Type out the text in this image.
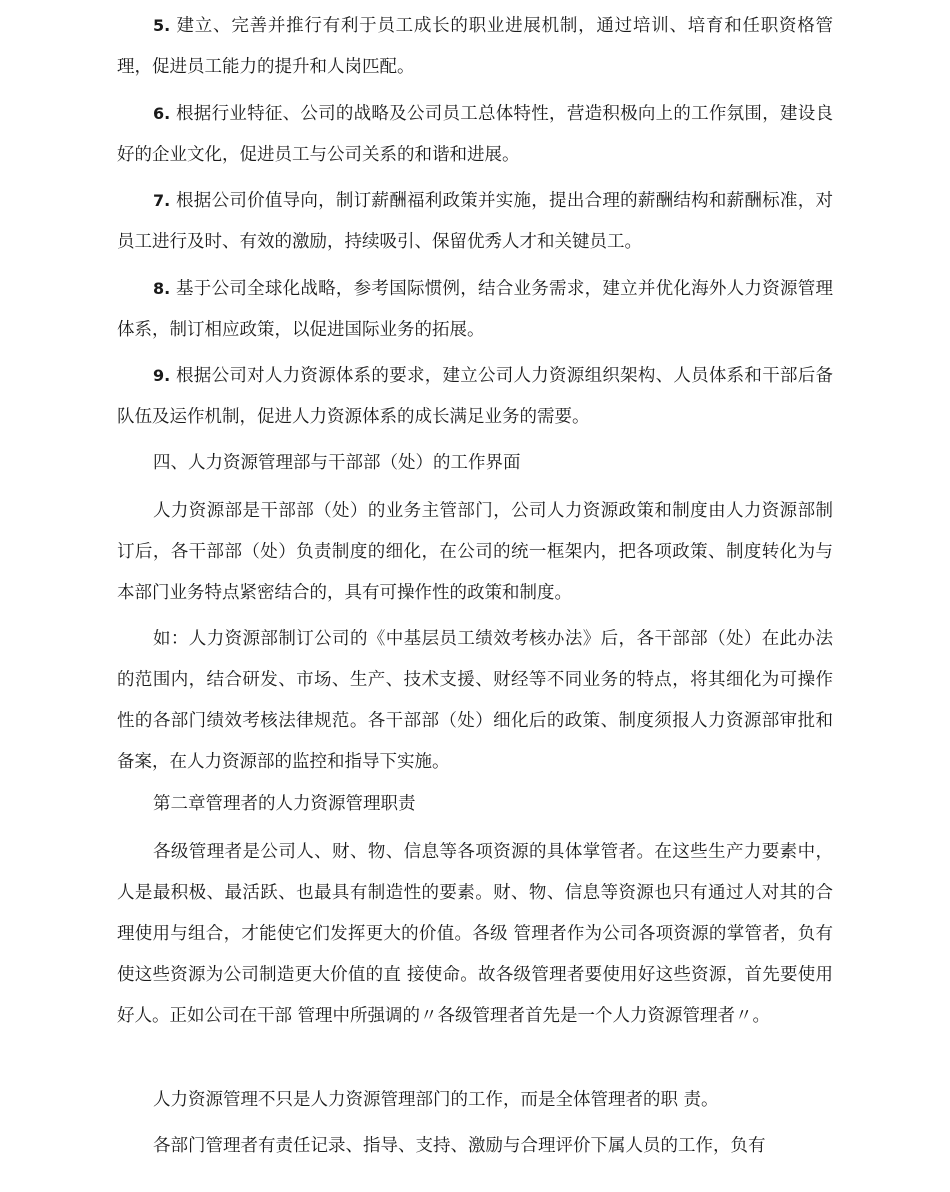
5. 建立、完善并推行有利于员工成长的职业进展机制，通过培训、培育和任职资格管理，促进员工能力的提升和人岗匹配。

6. 根据行业特征、公司的战略及公司员工总体特性，营造积极向上的工作氛围，建设良好的企业文化，促进员工与公司关系的和谐和进展。

7. 根据公司价值导向，制订薪酬福利政策并实施，提出合理的薪酬结构和薪酬标准，对员工进行及时、有效的激励，持续吸引、保留优秀人才和关键员工。

8. 基于公司全球化战略，参考国际惯例，结合业务需求，建立并优化海外人力资源管理体系，制订相应政策，以促进国际业务的拓展。

9. 根据公司对人力资源体系的要求，建立公司人力资源组织架构、人员体系和干部后备队伍及运作机制，促进人力资源体系的成长满足业务的需要。

四、人力资源管理部与干部部（处）的工作界面

人力资源部是干部部（处）的业务主管部门，公司人力资源政策和制度由人力资源部制订后，各干部部（处）负责制度的细化，在公司的统一框架内，把各项政策、制度转化为与本部门业务特点紧密结合的，具有可操作性的政策和制度。

如：人力资源部制订公司的《中基层员工绩效考核办法》后，各干部部（处）在此办法的范围内，结合研发、市场、生产、技术支援、财经等不同业务的特点，将其细化为可操作性的各部门绩效考核法律规范。各干部部（处）细化后的政策、制度须报人力资源部审批和备案，在人力资源部的监控和指导下实施。

第二章管理者的人力资源管理职责

各级管理者是公司人、财、物、信息等各项资源的具体掌管者。在这些生产力要素中，人是最积极、最活跃、也最具有制造性的要素。财、物、信息等资源也只有通过人对其的合理使用与组合，才能使它们发挥更大的价值。各级 管理者作为公司各项资源的掌管者，负有使这些资源为公司制造更大价值的直 接使命。故各级管理者要使用好这些资源，首先要使用好人。正如公司在干部 管理中所强调的〃各级管理者首先是一个人力资源管理者〃。

人力资源管理不只是人力资源管理部门的工作，而是全体管理者的职 责。

各部门管理者有责任记录、指导、支持、激励与合理评价下属人员的工作，负有
